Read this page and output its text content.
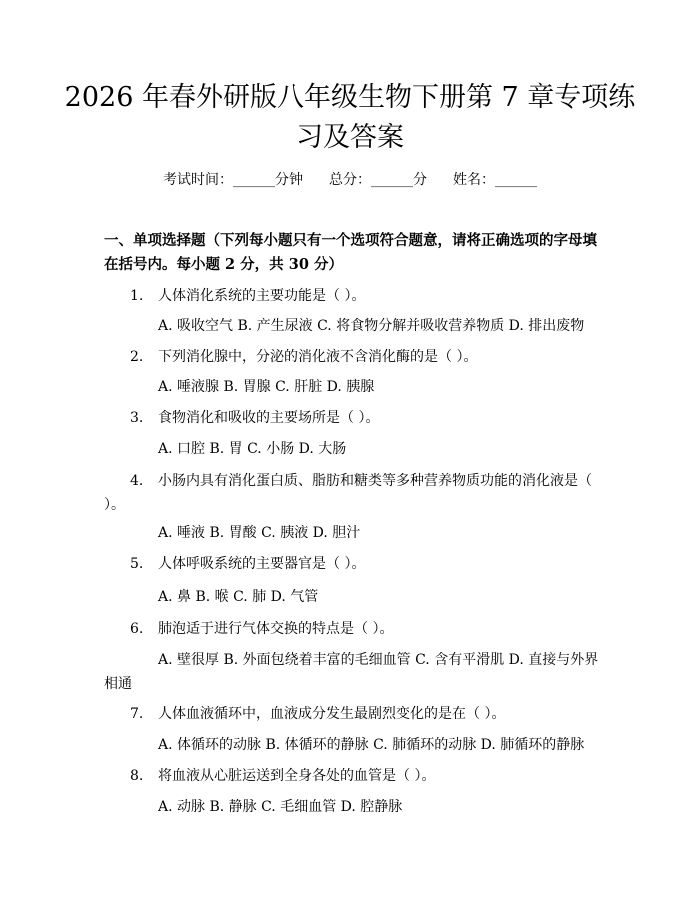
2026 年春外研版八年级生物下册第 7 章专项练习及答案
考试时间：______分钟 总分：______分 姓名：______

一、单项选择题（下列每小题只有一个选项符合题意，请将正确选项的字母填在括号内。每小题 2 分，共 30 分）

1.	人体消化系统的主要功能是（ ）。
A. 吸收空气 B. 产生尿液 C. 将食物分解并吸收营养物质 D. 排出废物
2.	下列消化腺中，分泌的消化液不含消化酶的是（ ）。
A. 唾液腺 B. 胃腺 C. 肝脏 D. 胰腺
3.	食物消化和吸收的主要场所是（ ）。
A. 口腔 B. 胃 C. 小肠 D. 大肠
4.	小肠内具有消化蛋白质、脂肪和糖类等多种营养物质功能的消化液是（ ）。
A. 唾液 B. 胃酸 C. 胰液 D. 胆汁
5.	人体呼吸系统的主要器官是（ ）。
A. 鼻 B. 喉 C. 肺 D. 气管
6.	肺泡适于进行气体交换的特点是（ ）。
A. 壁很厚 B. 外面包绕着丰富的毛细血管 C. 含有平滑肌 D. 直接与外界相通
7.	人体血液循环中，血液成分发生最剧烈变化的是在（ ）。
A. 体循环的动脉 B. 体循环的静脉 C. 肺循环的动脉 D. 肺循环的静脉
8.	将血液从心脏运送到全身各处的血管是（ ）。
A. 动脉 B. 静脉 C. 毛细血管 D. 腔静脉
